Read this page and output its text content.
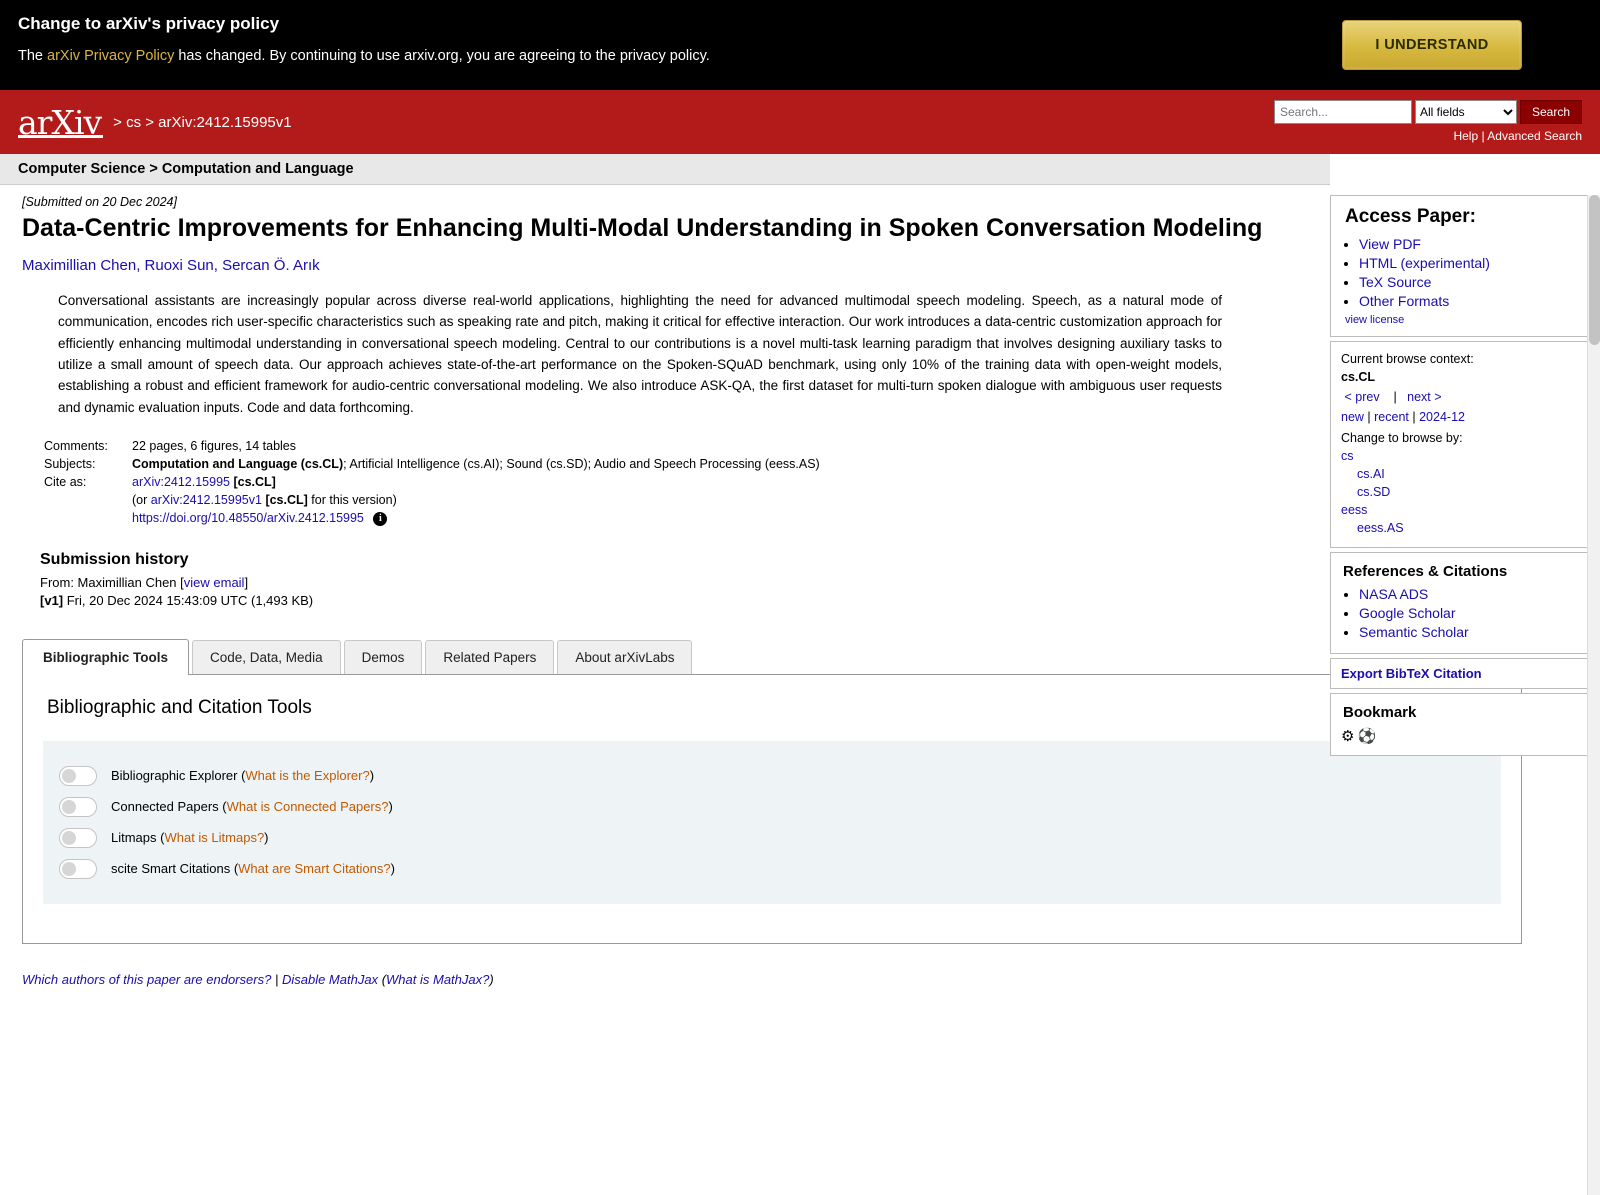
Change to arXiv's privacy policy
The arXiv Privacy Policy has changed. By continuing to use arxiv.org, you are agreeing to the privacy policy.
I UNDERSTAND
arXiv > cs > arXiv:2412.15995v1
Search...
All fields
Search
Help | Advanced Search
Computer Science > Computation and Language
[Submitted on 20 Dec 2024]
Data-Centric Improvements for Enhancing Multi-Modal Understanding in Spoken Conversation Modeling
Maximillian Chen, Ruoxi Sun, Sercan Ö. Arık
Conversational assistants are increasingly popular across diverse real-world applications, highlighting the need for advanced multimodal speech modeling. Speech, as a natural mode of communication, encodes rich user-specific characteristics such as speaking rate and pitch, making it critical for effective interaction. Our work introduces a data-centric customization approach for efficiently enhancing multimodal understanding in conversational speech modeling. Central to our contributions is a novel multi-task learning paradigm that involves designing auxiliary tasks to utilize a small amount of speech data. Our approach achieves state-of-the-art performance on the Spoken-SQuAD benchmark, using only 10% of the training data with open-weight models, establishing a robust and efficient framework for audio-centric conversational modeling. We also introduce ASK-QA, the first dataset for multi-turn spoken dialogue with ambiguous user requests and dynamic evaluation inputs. Code and data forthcoming.
Comments:	22 pages, 6 figures, 14 tables
Subjects:	Computation and Language (cs.CL); Artificial Intelligence (cs.AI); Sound (cs.SD); Audio and Speech Processing (eess.AS)
Cite as:	arXiv:2412.15995 [cs.CL]
	(or arXiv:2412.15995v1 [cs.CL] for this version)
	https://doi.org/10.48550/arXiv.2412.15995 i
Submission history
From: Maximillian Chen [view email]
[v1] Fri, 20 Dec 2024 15:43:09 UTC (1,493 KB)
Access Paper:
• View PDF
• HTML (experimental)
• TeX Source
• Other Formats
view license
Current browse context:
cs.CL
< prev | next >
new | recent | 2024-12
Change to browse by:
cs
cs.AI
cs.SD
eess
eess.AS
References & Citations
• NASA ADS
• Google Scholar
• Semantic Scholar
Export BibTeX Citation
Bookmark
⚙⚽
Bibliographic Tools	Code, Data, Media	Demos	Related Papers	About arXivLabs
Bibliographic and Citation Tools
Bibliographic Explorer (What is the Explorer?)
Connected Papers (What is Connected Papers?)
Litmaps (What is Litmaps?)
scite Smart Citations (What are Smart Citations?)
Which authors of this paper are endorsers? | Disable MathJax (What is MathJax?)
